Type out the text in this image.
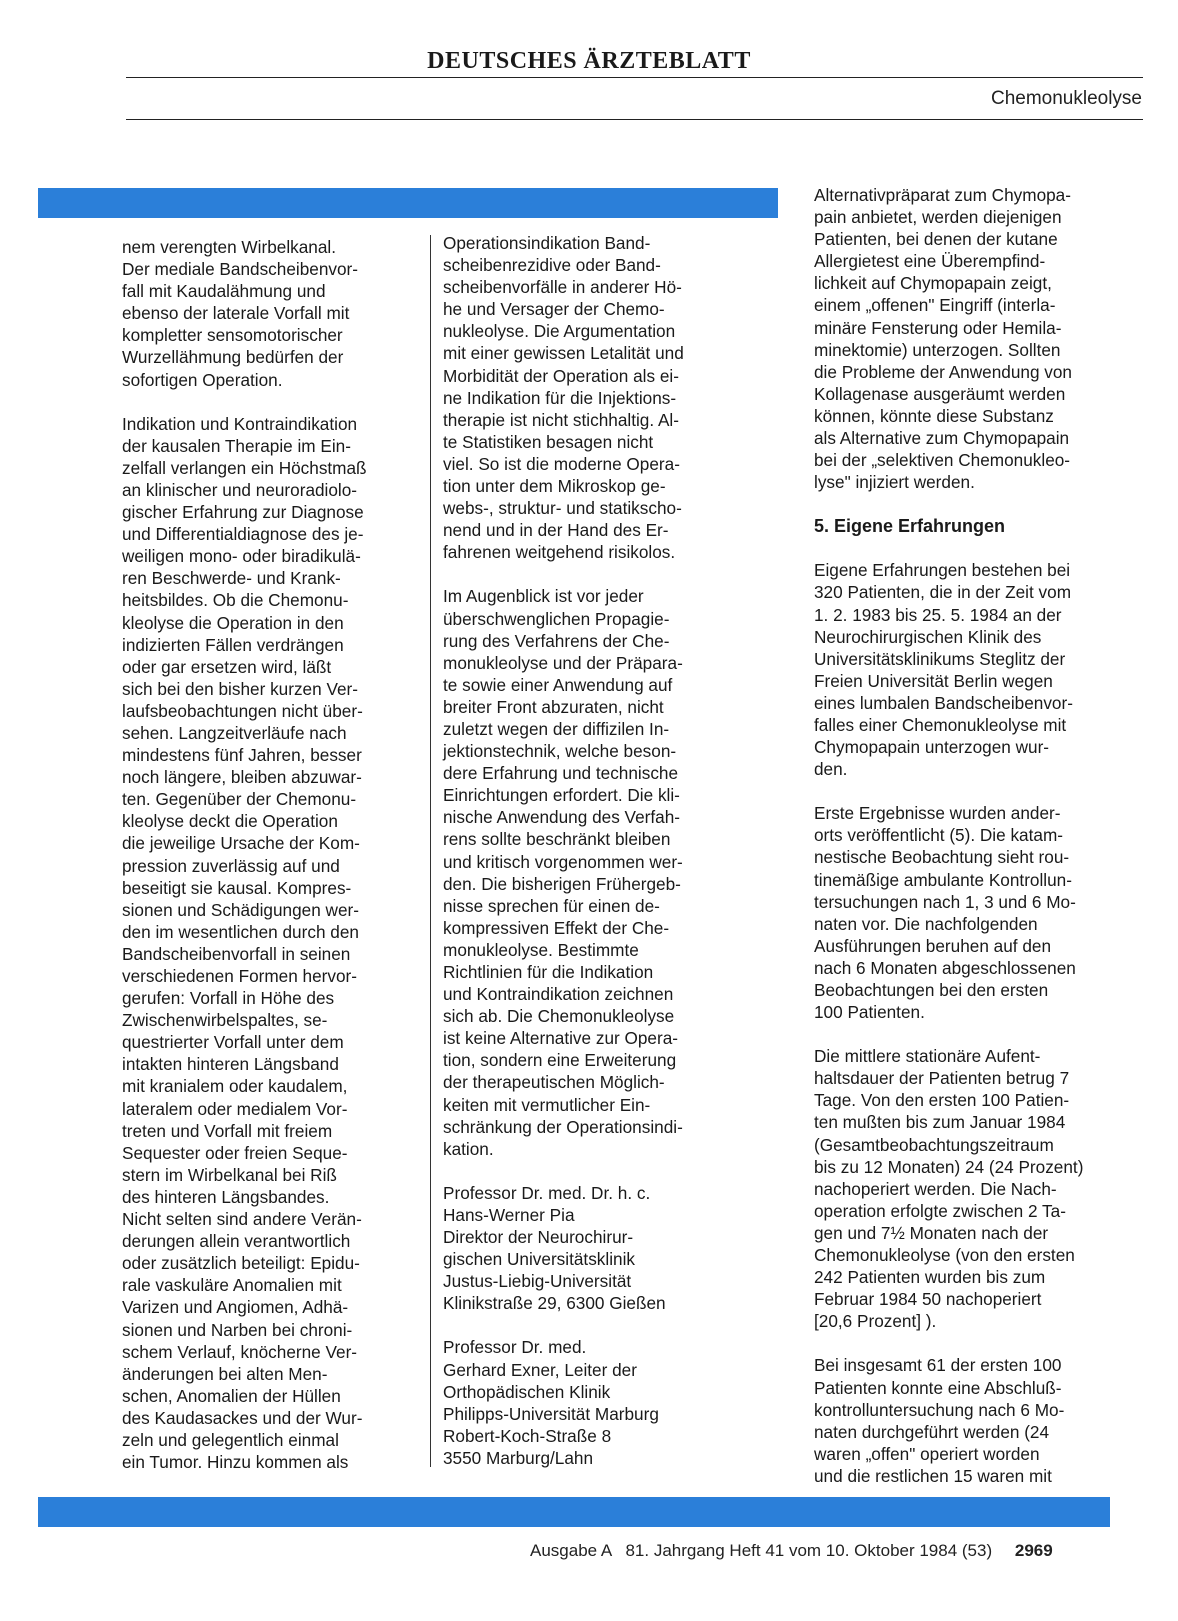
DEUTSCHES ÄRZTEBLATT
Chemonukleolyse

nem verengten Wirbelkanal.
Der mediale Bandscheibenvor-
fall mit Kaudalähmung und
ebenso der laterale Vorfall mit
kompletter sensomotorischer
Wurzellähmung bedürfen der
sofortigen Operation.

Indikation und Kontraindikation
der kausalen Therapie im Ein-
zelfall verlangen ein Höchstmaß
an klinischer und neuroradiolo-
gischer Erfahrung zur Diagnose
und Differentialdiagnose des je-
weiligen mono- oder biradikulä-
ren Beschwerde- und Krank-
heitsbildes. Ob die Chemonu-
kleolyse die Operation in den
indizierten Fällen verdrängen
oder gar ersetzen wird, läßt
sich bei den bisher kurzen Ver-
laufsbeobachtungen nicht über-
sehen. Langzeitverläufe nach
mindestens fünf Jahren, besser
noch längere, bleiben abzuwar-
ten. Gegenüber der Chemonu-
kleolyse deckt die Operation
die jeweilige Ursache der Kom-
pression zuverlässig auf und
beseitigt sie kausal. Kompres-
sionen und Schädigungen wer-
den im wesentlichen durch den
Bandscheibenvorfall in seinen
verschiedenen Formen hervor-
gerufen: Vorfall in Höhe des
Zwischenwirbelspaltes, se-
questrierter Vorfall unter dem
intakten hinteren Längsband
mit kranialem oder kaudalem,
lateralem oder medialem Vor-
treten und Vorfall mit freiem
Sequester oder freien Seque-
stern im Wirbelkanal bei Riß
des hinteren Längsbandes.
Nicht selten sind andere Verän-
derungen allein verantwortlich
oder zusätzlich beteiligt: Epidu-
rale vaskuläre Anomalien mit
Varizen und Angiomen, Adhä-
sionen und Narben bei chroni-
schem Verlauf, knöcherne Ver-
änderungen bei alten Men-
schen, Anomalien der Hüllen
des Kaudasackes und der Wur-
zeln und gelegentlich einmal
ein Tumor. Hinzu kommen als

Operationsindikation Band-
scheibenrezidive oder Band-
scheibenvorfälle in anderer Hö-
he und Versager der Chemo-
nukleolyse. Die Argumentation
mit einer gewissen Letalität und
Morbidität der Operation als ei-
ne Indikation für die Injektions-
therapie ist nicht stichhaltig. Al-
te Statistiken besagen nicht
viel. So ist die moderne Opera-
tion unter dem Mikroskop ge-
webs-, struktur- und statikscho-
nend und in der Hand des Er-
fahrenen weitgehend risikolos.

Im Augenblick ist vor jeder
überschwenglichen Propagie-
rung des Verfahrens der Che-
monukleolyse und der Präpara-
te sowie einer Anwendung auf
breiter Front abzuraten, nicht
zuletzt wegen der diffizilen In-
jektionstechnik, welche beson-
dere Erfahrung und technische
Einrichtungen erfordert. Die kli-
nische Anwendung des Verfah-
rens sollte beschränkt bleiben
und kritisch vorgenommen wer-
den. Die bisherigen Frühergeb-
nisse sprechen für einen de-
kompressiven Effekt der Che-
monukleolyse. Bestimmte
Richtlinien für die Indikation
und Kontraindikation zeichnen
sich ab. Die Chemonukleolyse
ist keine Alternative zur Opera-
tion, sondern eine Erweiterung
der therapeutischen Möglich-
keiten mit vermutlicher Ein-
schränkung der Operationsindi-
kation.

Professor Dr. med. Dr. h. c.
Hans-Werner Pia
Direktor der Neurochirur-
gischen Universitätsklinik
Justus-Liebig-Universität
Klinikstraße 29, 6300 Gießen

Professor Dr. med.
Gerhard Exner, Leiter der
Orthopädischen Klinik
Philipps-Universität Marburg
Robert-Koch-Straße 8
3550 Marburg/Lahn

Alternativpräparat zum Chymopa-
pain anbietet, werden diejenigen
Patienten, bei denen der kutane
Allergietest eine Überempfind-
lichkeit auf Chymopapain zeigt,
einem „offenen" Eingriff (interla-
minäre Fensterung oder Hemila-
minektomie) unterzogen. Sollten
die Probleme der Anwendung von
Kollagenase ausgeräumt werden
können, könnte diese Substanz
als Alternative zum Chymopapain
bei der „selektiven Chemonukleo-
lyse" injiziert werden.

5. Eigene Erfahrungen

Eigene Erfahrungen bestehen bei
320 Patienten, die in der Zeit vom
1. 2. 1983 bis 25. 5. 1984 an der
Neurochirurgischen Klinik des
Universitätsklinikums Steglitz der
Freien Universität Berlin wegen
eines lumbalen Bandscheibenvor-
falles einer Chemonukleolyse mit
Chymopapain unterzogen wur-
den.

Erste Ergebnisse wurden ander-
orts veröffentlicht (5). Die katam-
nestische Beobachtung sieht rou-
tinemäßige ambulante Kontrollun-
tersuchungen nach 1, 3 und 6 Mo-
naten vor. Die nachfolgenden
Ausführungen beruhen auf den
nach 6 Monaten abgeschlossenen
Beobachtungen bei den ersten
100 Patienten.

Die mittlere stationäre Aufent-
haltsdauer der Patienten betrug 7
Tage. Von den ersten 100 Patien-
ten mußten bis zum Januar 1984
(Gesamtbeobachtungszeitraum
bis zu 12 Monaten) 24 (24 Prozent)
nachoperiert werden. Die Nach-
operation erfolgte zwischen 2 Ta-
gen und 7½ Monaten nach der
Chemonukleolyse (von den ersten
242 Patienten wurden bis zum
Februar 1984 50 nachoperiert
[20,6 Prozent] ).

Bei insgesamt 61 der ersten 100
Patienten konnte eine Abschluß-
kontrolluntersuchung nach 6 Mo-
naten durchgeführt werden (24
waren „offen" operiert worden
und die restlichen 15 waren mit

Ausgabe A   81. Jahrgang Heft 41 vom 10. Oktober 1984 (53) 2969
